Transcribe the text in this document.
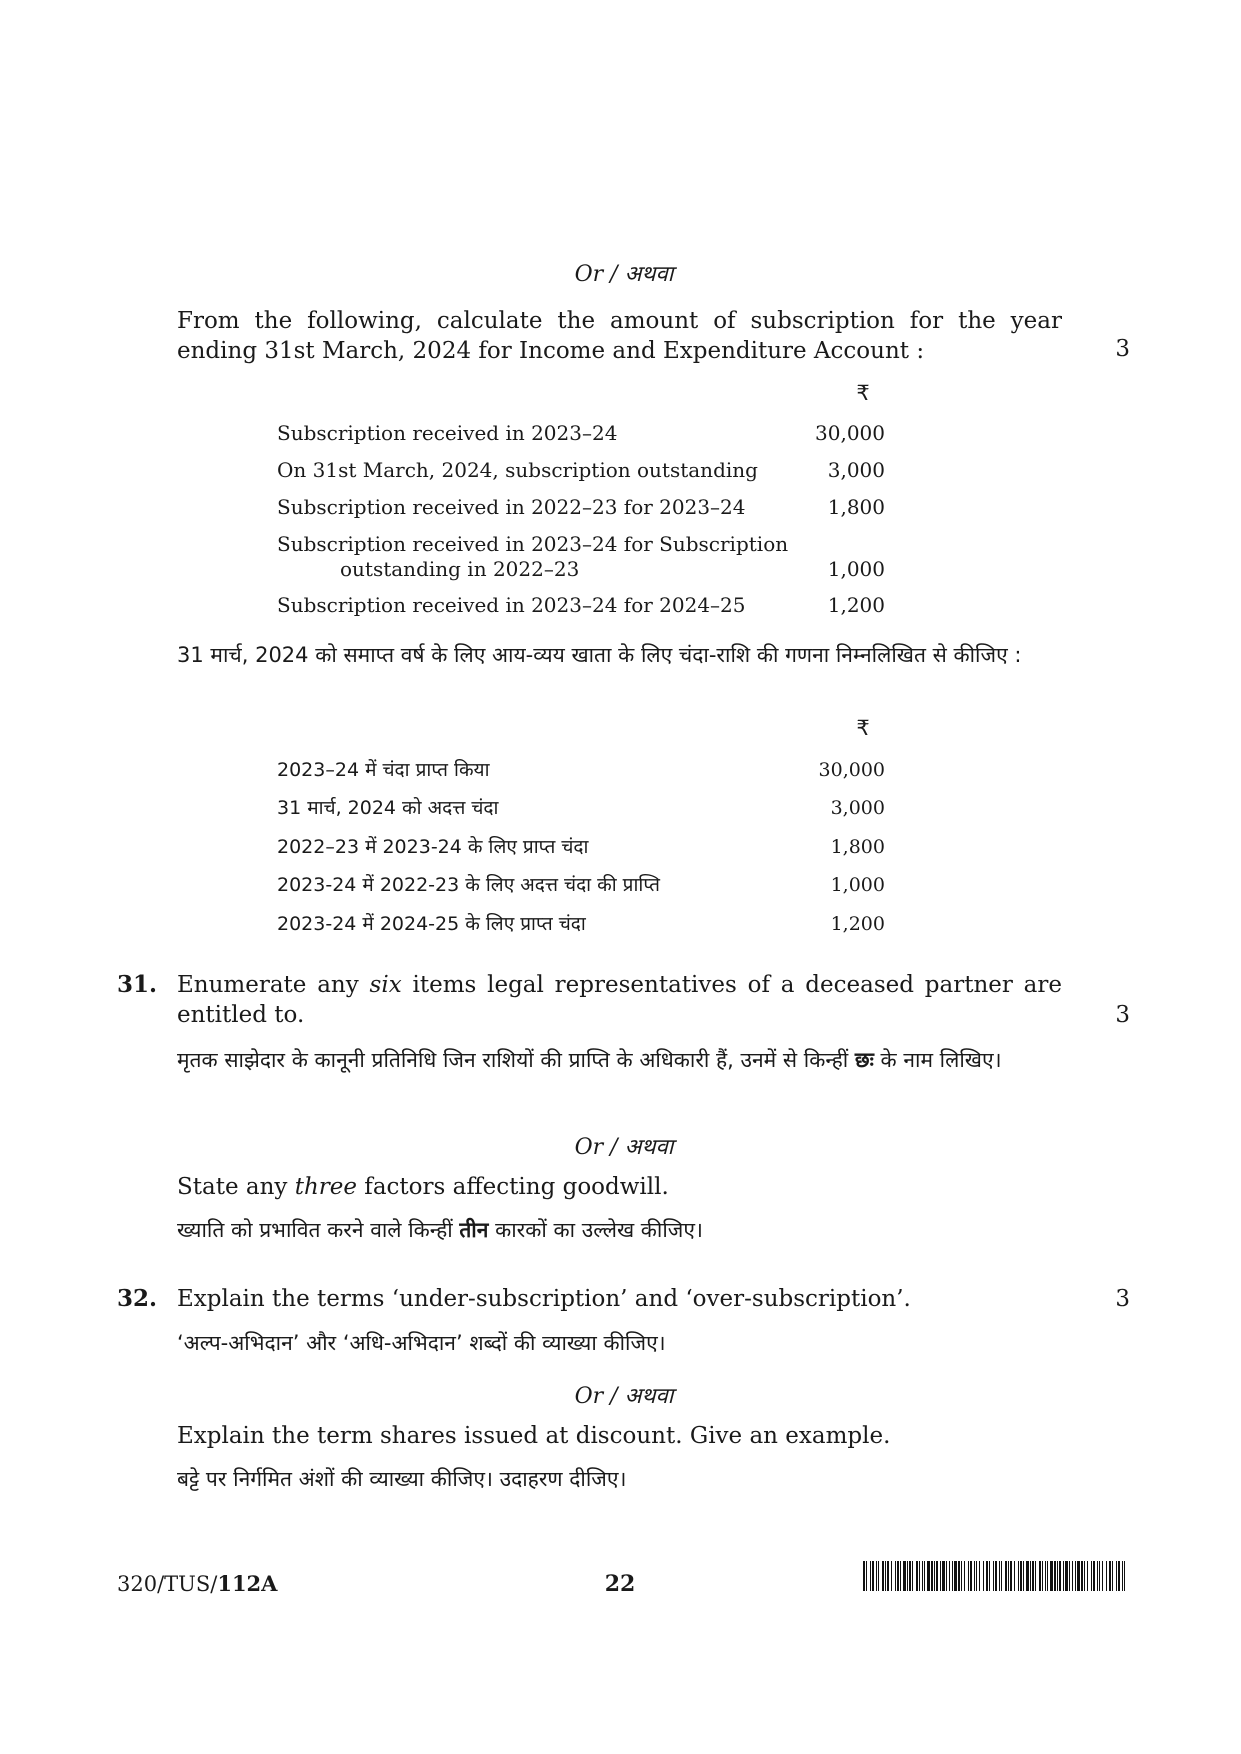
Or / अथवा
From the following, calculate the amount of subscription for the year ending 31st March, 2024 for Income and Expenditure Account :	3
₹
Subscription received in 2023–24	30,000
On 31st March, 2024, subscription outstanding	3,000
Subscription received in 2022–23 for 2023–24	1,800
Subscription received in 2023–24 for Subscription
outstanding in 2022–23	1,000
Subscription received in 2023–24 for 2024–25	1,200
31 मार्च, 2024 को समाप्त वर्ष के लिए आय-व्यय खाता के लिए चंदा-राशि की गणना निम्नलिखित से कीजिए :
₹
2023–24 में चंदा प्राप्त किया	30,000
31 मार्च, 2024 को अदत्त चंदा	3,000
2022–23 में 2023-24 के लिए प्राप्त चंदा	1,800
2023-24 में 2022-23 के लिए अदत्त चंदा की प्राप्ति	1,000
2023-24 में 2024-25 के लिए प्राप्त चंदा	1,200
31. Enumerate any six items legal representatives of a deceased partner are entitled to.	3
मृतक साझेदार के कानूनी प्रतिनिधि जिन राशियों की प्राप्ति के अधिकारी हैं, उनमें से किन्हीं छः के नाम लिखिए।
Or / अथवा
State any three factors affecting goodwill.
ख्याति को प्रभावित करने वाले किन्हीं तीन कारकों का उल्लेख कीजिए।
32. Explain the terms ‘under-subscription’ and ‘over-subscription’.	3
‘अल्प-अभिदान’ और ‘अधि-अभिदान’ शब्दों की व्याख्या कीजिए।
Or / अथवा
Explain the term shares issued at discount. Give an example.
बट्टे पर निर्गमित अंशों की व्याख्या कीजिए। उदाहरण दीजिए।
320/TUS/112A	22
